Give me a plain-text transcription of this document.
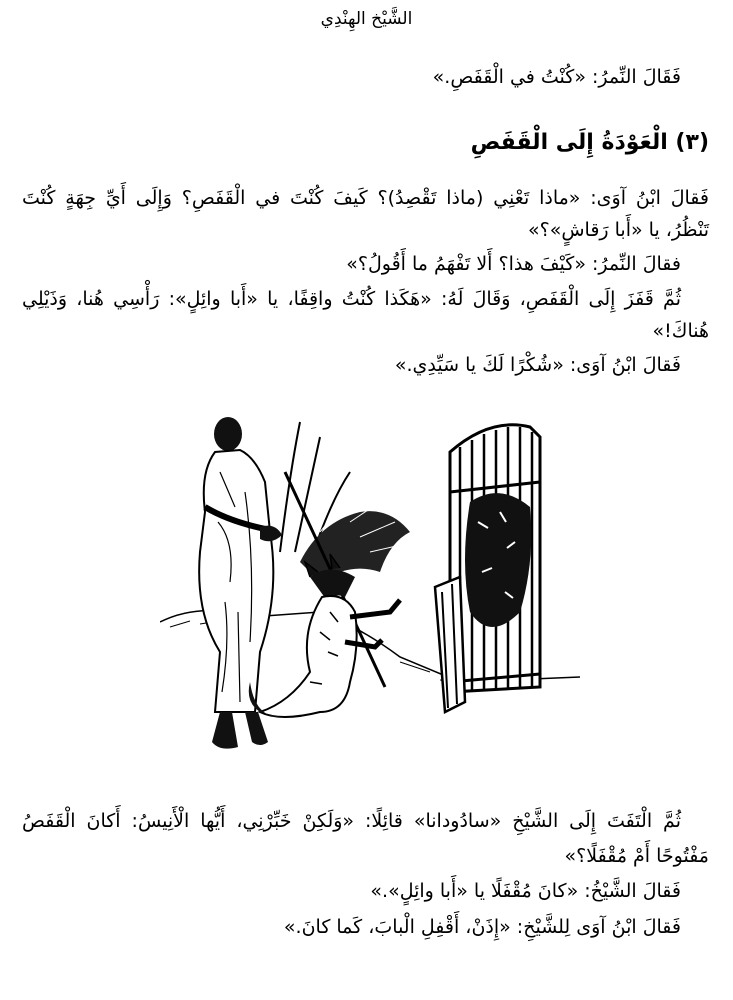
الشَّيْخ الهِنْدِي
فَقَالَ النِّمرُ: «كُنْتُ في الْقَفَصِ.»
(٣) الْعَوْدَةُ إِلَى الْقَفَصِ
فَقالَ ابْنُ آوَى: «ماذا تَعْنِي (ماذا تَقْصِدُ)؟ كَيفَ كُنْتَ في الْقَفَصِ؟ وَإِلَى أَيِّ جِهَةٍ كُنْتَ
تَنْظُرُ، يا «أَبا رَقاشٍ»؟»
فقالَ النِّمرُ: «كَيْفَ هذا؟ أَلا تَفْهَمُ ما أَقُولُ؟»
ثُمَّ قَفَزَ إِلَى الْقَفَصِ، وَقَالَ لَهُ: «هَكَذا كُنْتُ واقِفًا، يا «أَبا وائِلٍ»: رَأْسِي هُنا، وَذَيْلِي
هُناكَ!»
فَقالَ ابْنُ آوَى: «شُكْرًا لَكَ يا سَيِّدِي.»
ثُمَّ الْتَفَتَ إِلَى الشَّيْخِ «سادُودانا» قائِلًا: «وَلَكِنْ خَبِّرْنِي، أَيُّها الْأَنِيسُ: أَكانَ الْقَفَصُ
مَفْتُوحًا أَمْ مُقْفَلًا؟»
فَقالَ الشَّيْخُ: «كانَ مُقْفَلًا يا «أَبا وائِلٍ».»
فَقالَ ابْنُ آوَى لِلشَّيْخِ: «إِذَنْ، أَقْفِلِ الْبابَ، كَما كانَ.»
